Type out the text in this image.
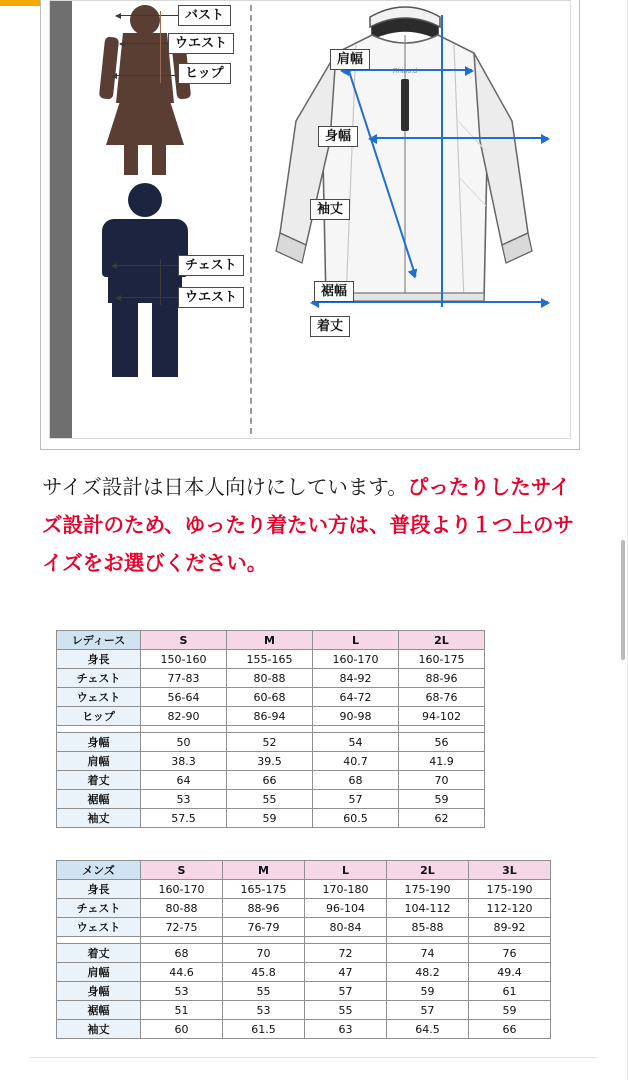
バスト
ウエスト
ヒップ
チェスト
ウエスト
Rhino.d
肩幅
身幅
裾幅
着丈
袖丈
サイズ設計は日本人向けにしています。ぴったりしたサイズ設計のため、ゆったり着たい方は、普段より１つ上のサイズをお選びください。
レディース	S	M	L	2L
身長	150-160	155-165	160-170	160-175
チェスト	77-83	80-88	84-92	88-96
ウェスト	56-64	60-68	64-72	68-76
ヒップ	82-90	86-94	90-98	94-102

身幅	50	52	54	56
肩幅	38.3	39.5	40.7	41.9
着丈	64	66	68	70
裾幅	53	55	57	59
袖丈	57.5	59	60.5	62
メンズ	S	M	L	2L	3L
身長	160-170	165-175	170-180	175-190	175-190
チェスト	80-88	88-96	96-104	104-112	112-120
ウェスト	72-75	76-79	80-84	85-88	89-92

着丈	68	70	72	74	76
肩幅	44.6	45.8	47	48.2	49.4
身幅	53	55	57	59	61
裾幅	51	53	55	57	59
袖丈	60	61.5	63	64.5	66
